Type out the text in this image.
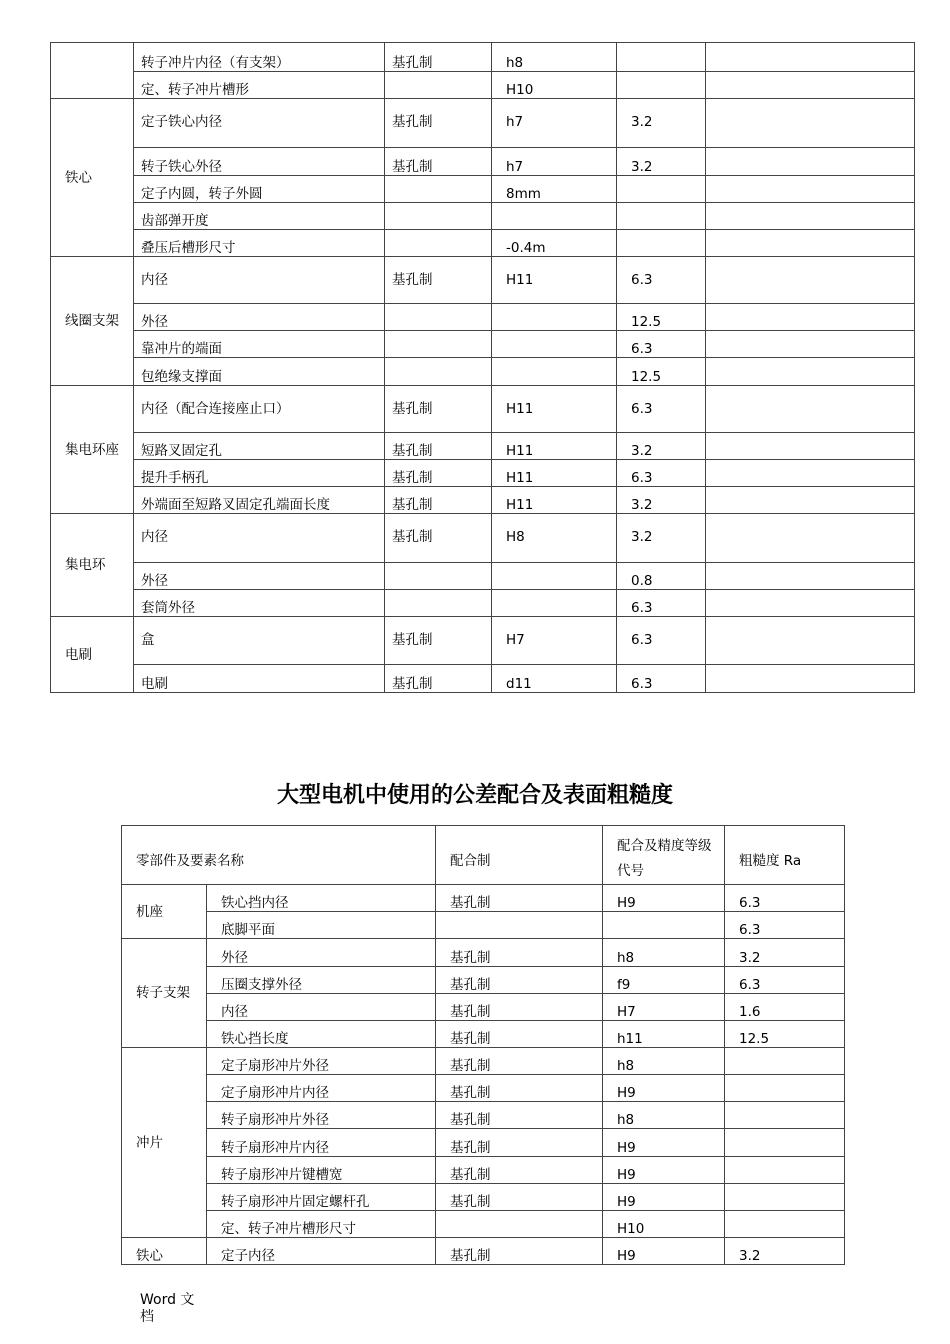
	转子冲片内径（有支架）	基孔制	h8		
	定、转子冲片槽形		H10		
铁心	定子铁心内径	基孔制	h7	3.2	
	转子铁心外径	基孔制	h7	3.2	
	定子内圆，转子外圆		8mm		
	齿部弹开度				
	叠压后槽形尺寸		-0.4m		
线圈支架	内径	基孔制	H11	6.3	
	外径			12.5	
	靠冲片的端面			6.3	
	包绝缘支撑面			12.5	
集电环座	内径（配合连接座止口）	基孔制	H11	6.3	
	短路叉固定孔	基孔制	H11	3.2	
	提升手柄孔	基孔制	H11	6.3	
	外端面至短路叉固定孔端面长度	基孔制	H11	3.2	
集电环	内径	基孔制	H8	3.2	
	外径			0.8	
	套筒外径			6.3	
电刷	盒	基孔制	H7	6.3	
	电刷	基孔制	d11	6.3	
大型电机中使用的公差配合及表面粗糙度
零部件及要素名称		配合制	配合及精度等级代号	粗糙度 Ra
机座	铁心挡内径	基孔制	H9	6.3
	底脚平面			6.3
转子支架	外径	基孔制	h8	3.2
	压圈支撑外径	基孔制	f9	6.3
	内径	基孔制	H7	1.6
	铁心挡长度	基孔制	h11	12.5
冲片	定子扇形冲片外径	基孔制	h8	
	定子扇形冲片内径	基孔制	H9	
	转子扇形冲片外径	基孔制	h8	
	转子扇形冲片内径	基孔制	H9	
	转子扇形冲片键槽宽	基孔制	H9	
	转子扇形冲片固定螺杆孔	基孔制	H9	
	定、转子冲片槽形尺寸		H10	
铁心	定子内径	基孔制	H9	3.2
Word 文档
